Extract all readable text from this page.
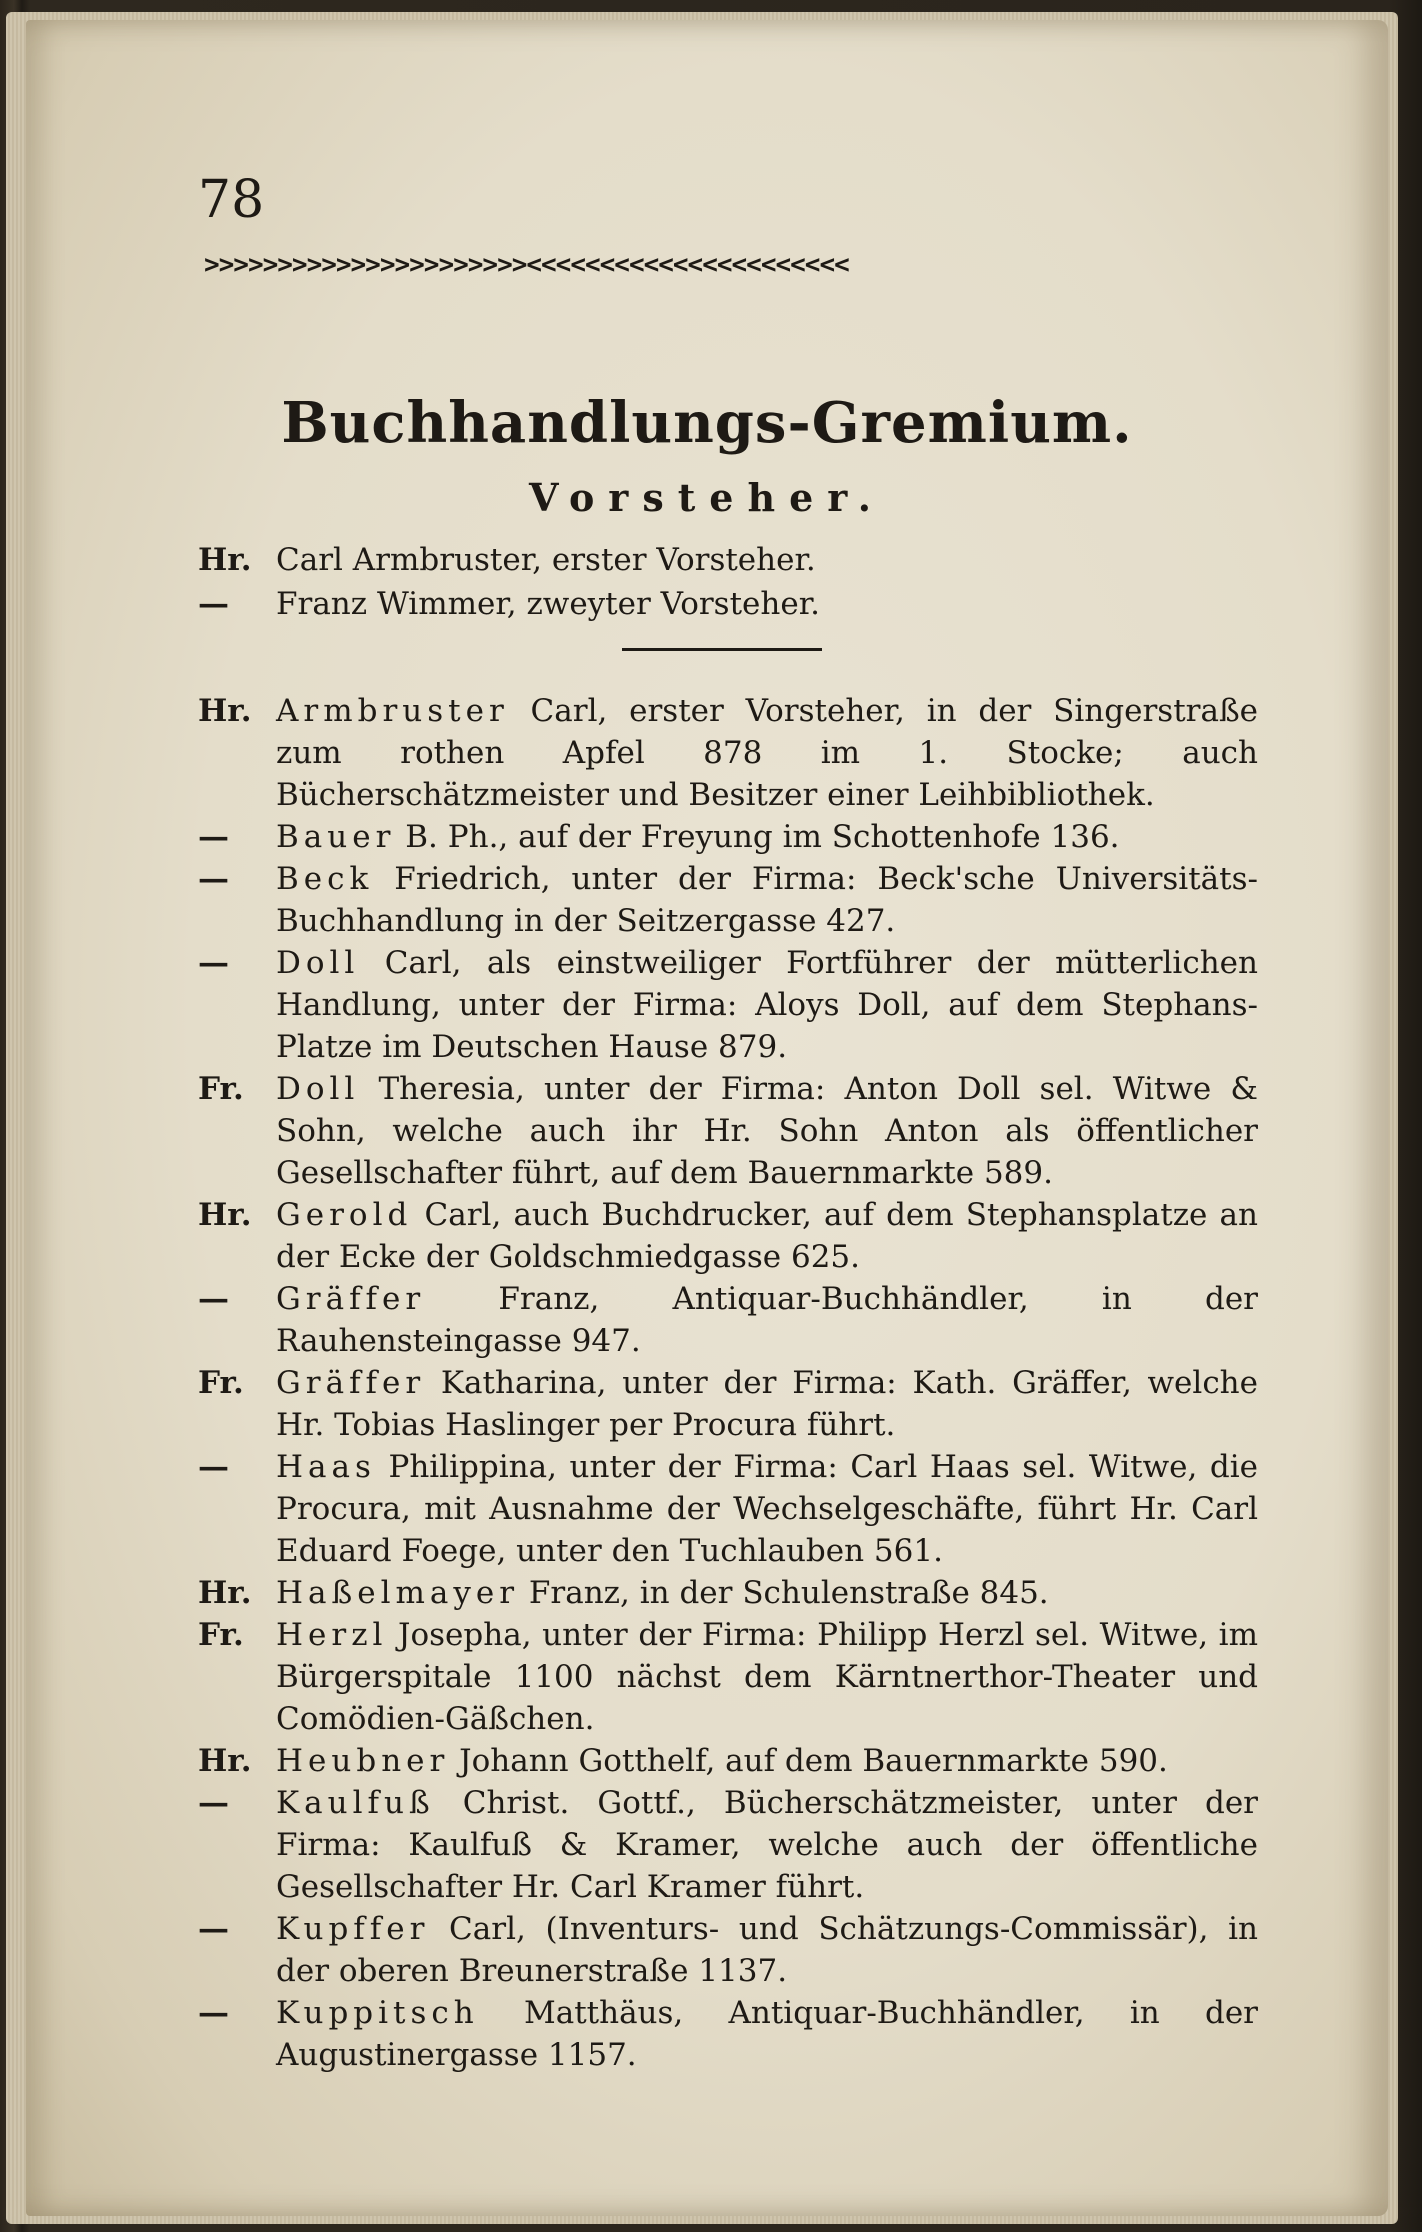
78
>>>>>>>>>>>>>>>>>>>>>><<<<<<<<<<<<<<<<<<<<<<
Buchhandlungs-Gremium.
Vorsteher.
Hr. Carl Armbruster, erster Vorsteher.
— Franz Wimmer, zweyter Vorsteher.

Hr. Armbruster Carl, erster Vorsteher, in der Singerstraße zum rothen Apfel 878 im 1. Stocke; auch Bücherschätzmeister und Besitzer einer Leihbibliothek.

— Bauer B. Ph., auf der Freyung im Schottenhofe 136.

— Beck Friedrich, unter der Firma: Beck'sche Universitäts-Buchhandlung in der Seitzergasse 427.

— Doll Carl, als einstweiliger Fortführer der mütterlichen Handlung, unter der Firma: Aloys Doll, auf dem Stephans-Platze im Deutschen Hause 879.

Fr. Doll Theresia, unter der Firma: Anton Doll sel. Witwe & Sohn, welche auch ihr Hr. Sohn Anton als öffentlicher Gesellschafter führt, auf dem Bauernmarkte 589.

Hr. Gerold Carl, auch Buchdrucker, auf dem Stephansplatze an der Ecke der Goldschmiedgasse 625.

— Gräffer Franz, Antiquar-Buchhändler, in der Rauhensteingasse 947.

Fr. Gräffer Katharina, unter der Firma: Kath. Gräffer, welche Hr. Tobias Haslinger per Procura führt.

— Haas Philippina, unter der Firma: Carl Haas sel. Witwe, die Procura, mit Ausnahme der Wechselgeschäfte, führt Hr. Carl Eduard Foege, unter den Tuchlauben 561.

Hr. Haßelmayer Franz, in der Schulenstraße 845.

Fr. Herzl Josepha, unter der Firma: Philipp Herzl sel. Witwe, im Bürgerspitale 1100 nächst dem Kärntnerthor-Theater und Comödien-Gäßchen.

Hr. Heubner Johann Gotthelf, auf dem Bauernmarkte 590.

— Kaulfuß Christ. Gottf., Bücherschätzmeister, unter der Firma: Kaulfuß & Kramer, welche auch der öffentliche Gesellschafter Hr. Carl Kramer führt.

— Kupffer Carl, (Inventurs- und Schätzungs-Commissär), in der oberen Breunerstraße 1137.

— Kuppitsch Matthäus, Antiquar-Buchhändler, in der Augustinergasse 1157.
